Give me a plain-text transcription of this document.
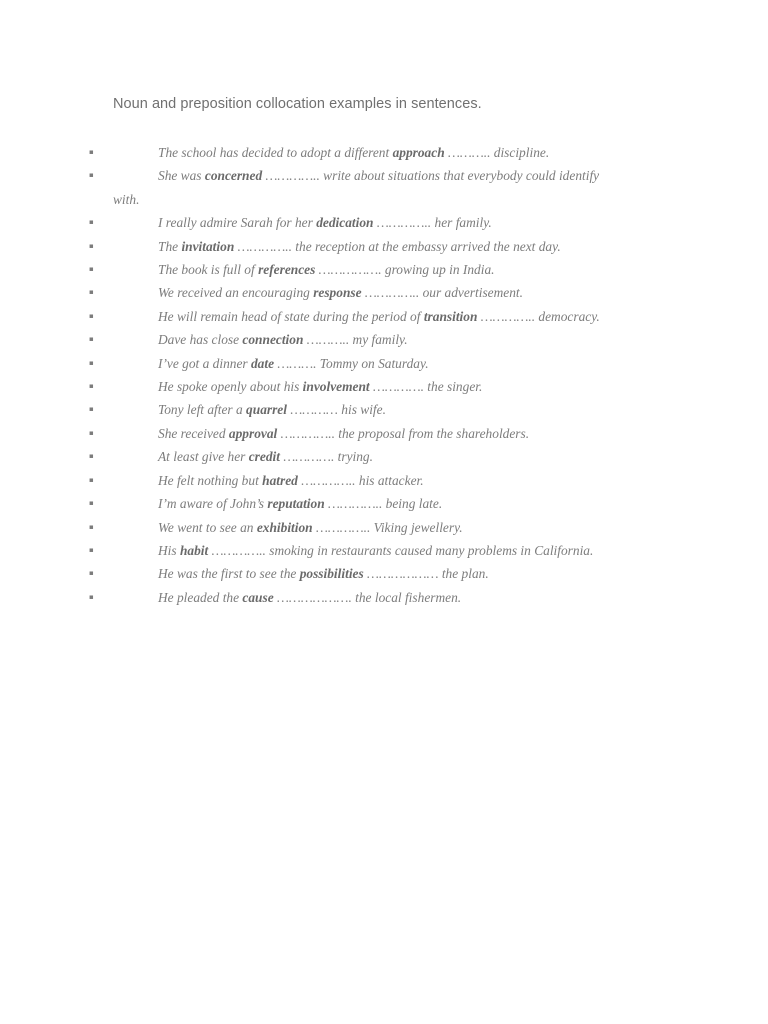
Noun and preposition collocation examples in sentences.
▪	The school has decided to adopt a different approach ……….. discipline.
▪	She was concerned ………….. write about situations that everybody could identify with.
▪	I really admire Sarah for her dedication ………….. her family.
▪	The invitation ………….. the reception at the embassy arrived the next day.
▪	The book is full of references ……………. growing up in India.
▪	We received an encouraging response ………….. our advertisement.
▪	He will remain head of state during the period of transition ………….. democracy.
▪	Dave has close connection ……….. my family.
▪	I’ve got a dinner date ………. Tommy on Saturday.
▪	He spoke openly about his involvement …………. the singer.
▪	Tony left after a quarrel ………… his wife.
▪	She received approval ………….. the proposal from the shareholders.
▪	At least give her credit …………. trying.
▪	He felt nothing but hatred ………….. his attacker.
▪	I’m aware of John’s reputation ………….. being late.
▪	We went to see an exhibition ………….. Viking jewellery.
▪	His habit ………….. smoking in restaurants caused many problems in California.
▪	He was the first to see the possibilities ……………… the plan.
▪	He pleaded the cause ………………. the local fishermen.
